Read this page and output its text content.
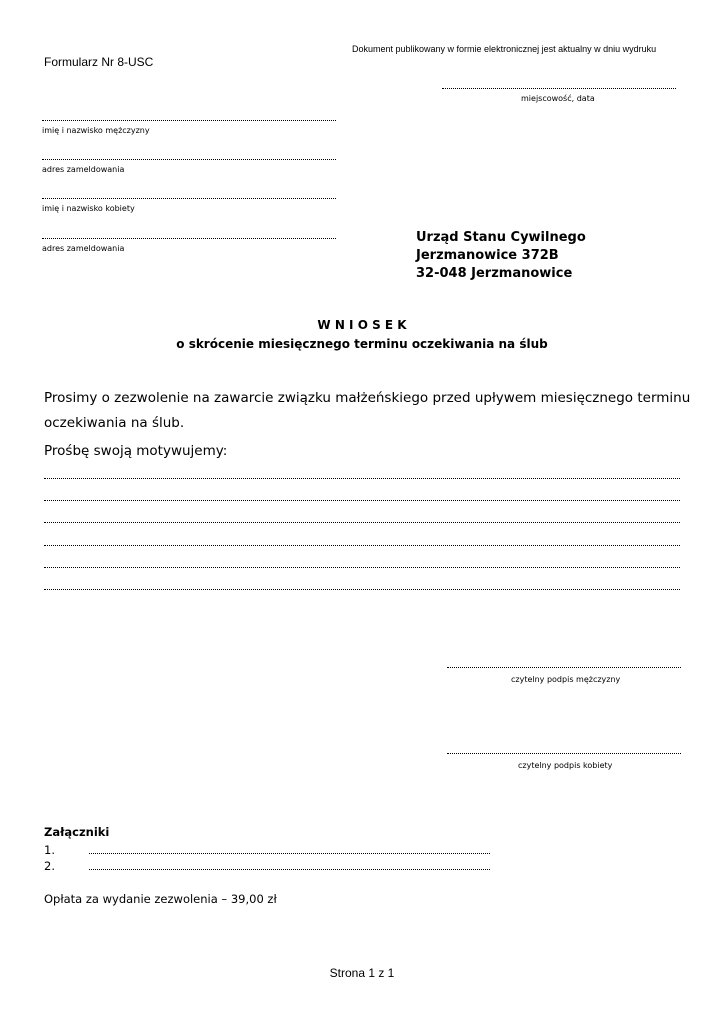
Dokument publikowany w formie elektronicznej jest aktualny w dniu wydruku
Formularz Nr 8-USC
miejscowość, data
imię i nazwisko mężczyzny
adres zameldowania
imię i nazwisko kobiety
adres zameldowania
Urząd Stanu Cywilnego
Jerzmanowice 372B
32-048 Jerzmanowice
W N I O S E K
o skrócenie miesięcznego terminu oczekiwania na ślub
Prosimy o zezwolenie na zawarcie związku małżeńskiego przed upływem miesięcznego terminu
oczekiwania na ślub.
Prośbę swoją motywujemy:
czytelny podpis mężczyzny
czytelny podpis kobiety
Załączniki
1.
2.
Opłata za wydanie zezwolenia – 39,00 zł
Strona 1 z 1
